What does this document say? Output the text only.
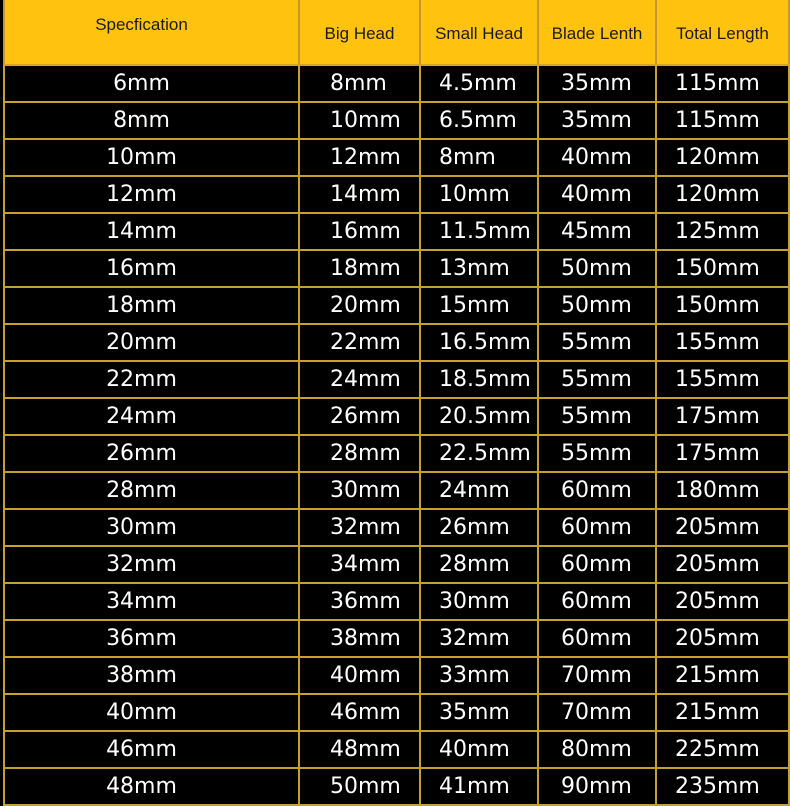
Specfication	Big Head	Small Head	Blade Lenth	Total Length
6mm	8mm	4.5mm	35mm	115mm
8mm	10mm	6.5mm	35mm	115mm
10mm	12mm	8mm	40mm	120mm
12mm	14mm	10mm	40mm	120mm
14mm	16mm	11.5mm	45mm	125mm
16mm	18mm	13mm	50mm	150mm
18mm	20mm	15mm	50mm	150mm
20mm	22mm	16.5mm	55mm	155mm
22mm	24mm	18.5mm	55mm	155mm
24mm	26mm	20.5mm	55mm	175mm
26mm	28mm	22.5mm	55mm	175mm
28mm	30mm	24mm	60mm	180mm
30mm	32mm	26mm	60mm	205mm
32mm	34mm	28mm	60mm	205mm
34mm	36mm	30mm	60mm	205mm
36mm	38mm	32mm	60mm	205mm
38mm	40mm	33mm	70mm	215mm
40mm	46mm	35mm	70mm	215mm
46mm	48mm	40mm	80mm	225mm
48mm	50mm	41mm	90mm	235mm
